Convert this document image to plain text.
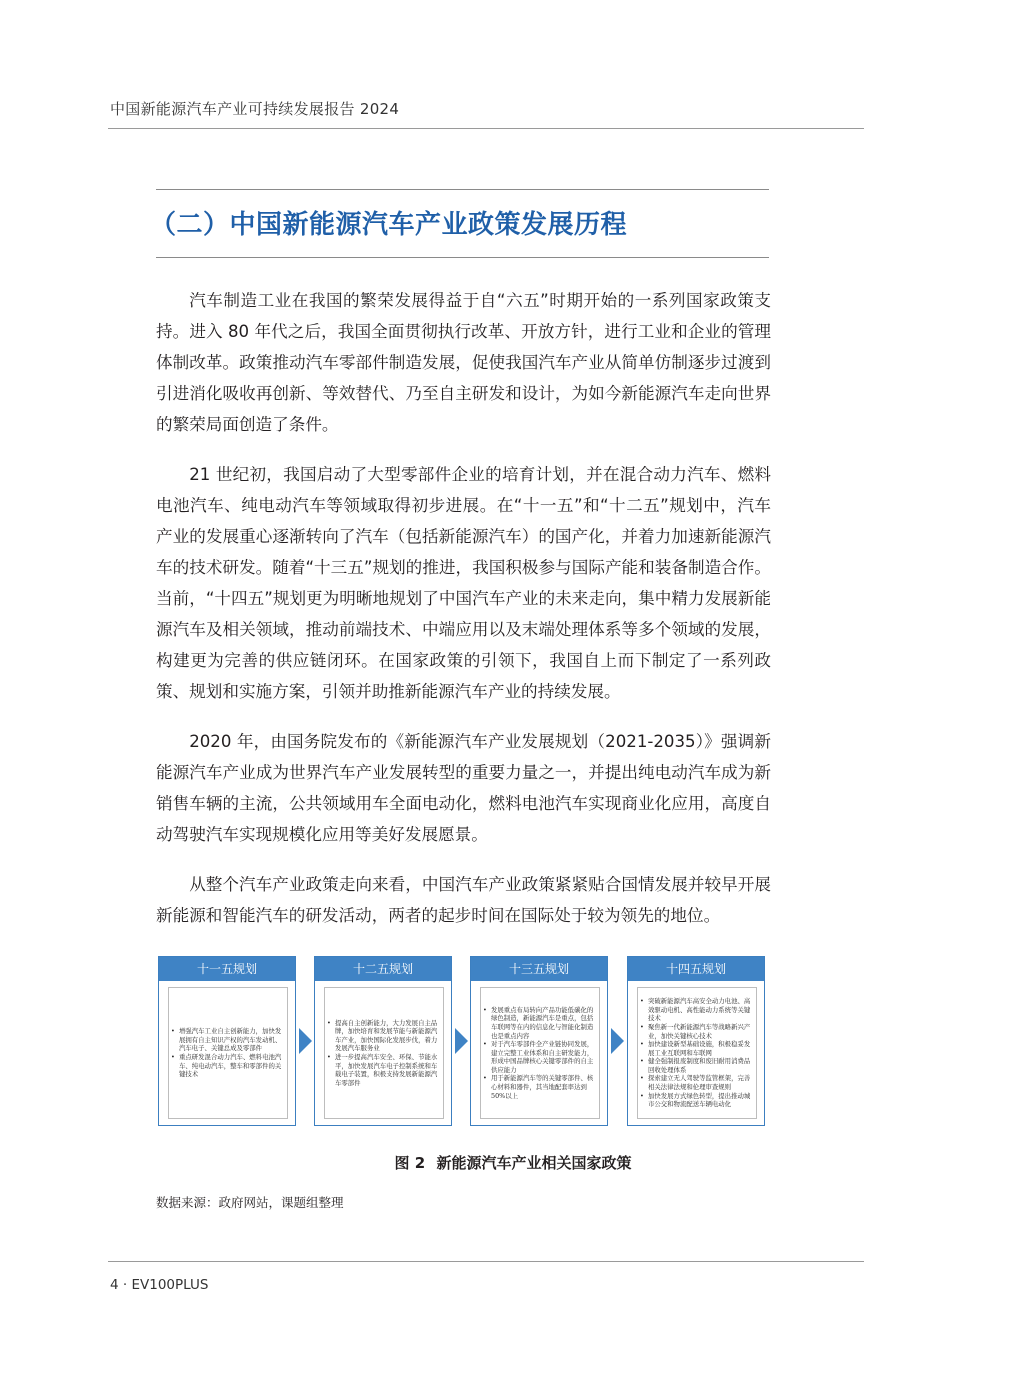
中国新能源汽车产业可持续发展报告 2024
（二）中国新能源汽车产业政策发展历程

汽车制造工业在我国的繁荣发展得益于自“六五”时期开始的一系列国家政策支持。进入 80 年代之后，我国全面贯彻执行改革、开放方针，进行工业和企业的管理体制改革。政策推动汽车零部件制造发展，促使我国汽车产业从简单仿制逐步过渡到引进消化吸收再创新、等效替代、乃至自主研发和设计，为如今新能源汽车走向世界的繁荣局面创造了条件。

21 世纪初，我国启动了大型零部件企业的培育计划，并在混合动力汽车、燃料电池汽车、纯电动汽车等领域取得初步进展。在“十一五”和“十二五”规划中，汽车产业的发展重心逐渐转向了汽车（包括新能源汽车）的国产化，并着力加速新能源汽车的技术研发。随着“十三五”规划的推进，我国积极参与国际产能和装备制造合作。当前，“十四五”规划更为明晰地规划了中国汽车产业的未来走向，集中精力发展新能源汽车及相关领域，推动前端技术、中端应用以及末端处理体系等多个领域的发展，构建更为完善的供应链闭环。在国家政策的引领下，我国自上而下制定了一系列政策、规划和实施方案，引领并助推新能源汽车产业的持续发展。

2020 年，由国务院发布的《新能源汽车产业发展规划（2021-2035）》强调新能源汽车产业成为世界汽车产业发展转型的重要力量之一，并提出纯电动汽车成为新销售车辆的主流，公共领域用车全面电动化，燃料电池汽车实现商业化应用，高度自动驾驶汽车实现规模化应用等美好发展愿景。

从整个汽车产业政策走向来看，中国汽车产业政策紧紧贴合国情发展并较早开展新能源和智能汽车的研发活动，两者的起步时间在国际处于较为领先的地位。

十一五规划
• 增强汽车工业自主创新能力，加快发展拥有自主知识产权的汽车发动机、汽车电子、关键总成及零部件
• 重点研发混合动力汽车、燃料电池汽车、纯电动汽车，整车和零部件的关键技术
十二五规划
• 提高自主创新能力，大力发展自主品牌，加快培育和发展节能与新能源汽车产业，加快国际化发展步伐，着力发展汽车服务业
• 进一步提高汽车安全、环保、节能水平，加快发展汽车电子控制系统和车载电子装置，积极支持发展新能源汽车零部件
十三五规划
• 发展重点布局转向产品功能低碳化的绿色制造，新能源汽车是重点，包括车联网等在内的信息化与智能化制造也是重点内容
• 对于汽车零部件全产业链协同发展，建立完整工业体系和自主研发能力，形成中国品牌核心关键零部件的自主供应能力
• 用于新能源汽车等的关键零部件、核心材料和器件，其当地配套率达到50%以上
十四五规划
• 突破新能源汽车高安全动力电池、高效驱动电机、高性能动力系统等关键技术
• 聚焦新一代新能源汽车等战略新兴产业，加快关键核心技术
• 加快建设新型基础设施，积极稳妥发展工业互联网和车联网
• 健全强制报废制度和废旧耐用消费品回收处理体系
• 探索建立无人驾驶等监管框架，完善相关法律法规和伦理审查规则
• 加快发展方式绿色转型，提出推动城市公交和物流配送车辆电动化
图 2 新能源汽车产业相关国家政策
数据来源：政府网站，课题组整理
4 · EV100PLUS
